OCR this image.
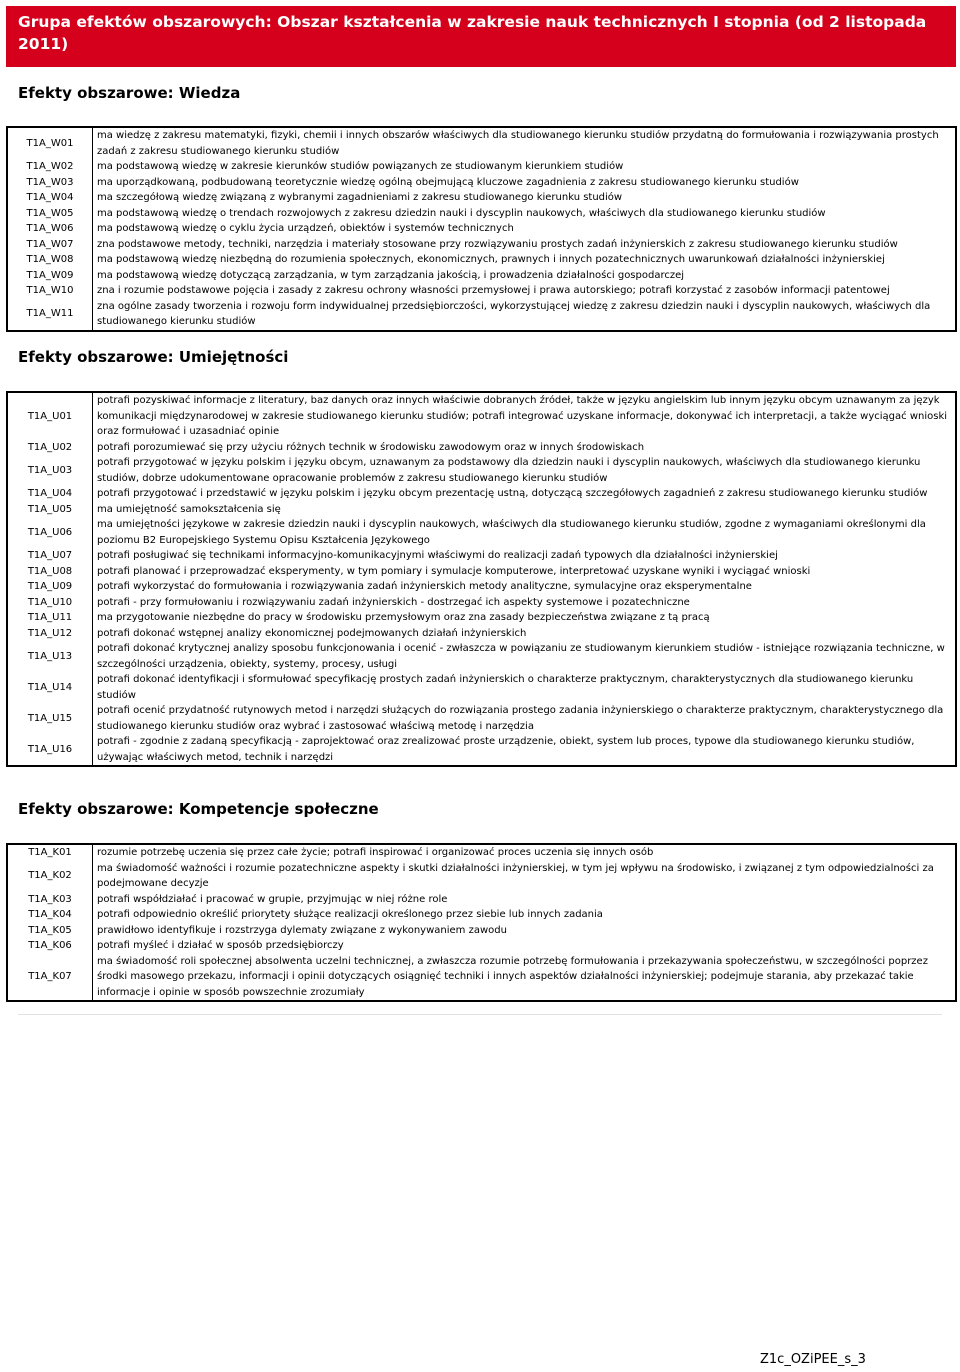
Grupa efektów obszarowych: Obszar kształcenia w zakresie nauk technicznych I stopnia (od 2 listopada 2011)
Efekty obszarowe: Wiedza
T1A_W01	ma wiedzę z zakresu matematyki, fizyki, chemii i innych obszarów właściwych dla studiowanego kierunku studiów przydatną do formułowania i rozwiązywania prostych zadań z zakresu studiowanego kierunku studiów
T1A_W02	ma podstawową wiedzę w zakresie kierunków studiów powiązanych ze studiowanym kierunkiem studiów
T1A_W03	ma uporządkowaną, podbudowaną teoretycznie wiedzę ogólną obejmującą kluczowe zagadnienia z zakresu studiowanego kierunku studiów
T1A_W04	ma szczegółową wiedzę związaną z wybranymi zagadnieniami z zakresu studiowanego kierunku studiów
T1A_W05	ma podstawową wiedzę o trendach rozwojowych z zakresu dziedzin nauki i dyscyplin naukowych, właściwych dla studiowanego kierunku studiów
T1A_W06	ma podstawową wiedzę o cyklu życia urządzeń, obiektów i systemów technicznych
T1A_W07	zna podstawowe metody, techniki, narzędzia i materiały stosowane przy rozwiązywaniu prostych zadań inżynierskich z zakresu studiowanego kierunku studiów
T1A_W08	ma podstawową wiedzę niezbędną do rozumienia społecznych, ekonomicznych, prawnych i innych pozatechnicznych uwarunkowań działalności inżynierskiej
T1A_W09	ma podstawową wiedzę dotyczącą zarządzania, w tym zarządzania jakością, i prowadzenia działalności gospodarczej
T1A_W10	zna i rozumie podstawowe pojęcia i zasady z zakresu ochrony własności przemysłowej i prawa autorskiego; potrafi korzystać z zasobów informacji patentowej
T1A_W11	zna ogólne zasady tworzenia i rozwoju form indywidualnej przedsiębiorczości, wykorzystującej wiedzę z zakresu dziedzin nauki i dyscyplin naukowych, właściwych dla studiowanego kierunku studiów
Efekty obszarowe: Umiejętności
T1A_U01	potrafi pozyskiwać informacje z literatury, baz danych oraz innych właściwie dobranych źródeł, także w języku angielskim lub innym języku obcym uznawanym za język komunikacji międzynarodowej w zakresie studiowanego kierunku studiów; potrafi integrować uzyskane informacje, dokonywać ich interpretacji, a także wyciągać wnioski oraz formułować i uzasadniać opinie
T1A_U02	potrafi porozumiewać się przy użyciu różnych technik w środowisku zawodowym oraz w innych środowiskach
T1A_U03	potrafi przygotować w języku polskim i języku obcym, uznawanym za podstawowy dla dziedzin nauki i dyscyplin naukowych, właściwych dla studiowanego kierunku studiów, dobrze udokumentowane opracowanie problemów z zakresu studiowanego kierunku studiów
T1A_U04	potrafi przygotować i przedstawić w języku polskim i języku obcym prezentację ustną, dotyczącą szczegółowych zagadnień z zakresu studiowanego kierunku studiów
T1A_U05	ma umiejętność samokształcenia się
T1A_U06	ma umiejętności językowe w zakresie dziedzin nauki i dyscyplin naukowych, właściwych dla studiowanego kierunku studiów, zgodne z wymaganiami określonymi dla poziomu B2 Europejskiego Systemu Opisu Kształcenia Językowego
T1A_U07	potrafi posługiwać się technikami informacyjno-komunikacyjnymi właściwymi do realizacji zadań typowych dla działalności inżynierskiej
T1A_U08	potrafi planować i przeprowadzać eksperymenty, w tym pomiary i symulacje komputerowe, interpretować uzyskane wyniki i wyciągać wnioski
T1A_U09	potrafi wykorzystać do formułowania i rozwiązywania zadań inżynierskich metody analityczne, symulacyjne oraz eksperymentalne
T1A_U10	potrafi - przy formułowaniu i rozwiązywaniu zadań inżynierskich - dostrzegać ich aspekty systemowe i pozatechniczne
T1A_U11	ma przygotowanie niezbędne do pracy w środowisku przemysłowym oraz zna zasady bezpieczeństwa związane z tą pracą
T1A_U12	potrafi dokonać wstępnej analizy ekonomicznej podejmowanych działań inżynierskich
T1A_U13	potrafi dokonać krytycznej analizy sposobu funkcjonowania i ocenić - zwłaszcza w powiązaniu ze studiowanym kierunkiem studiów - istniejące rozwiązania techniczne, w szczególności urządzenia, obiekty, systemy, procesy, usługi
T1A_U14	potrafi dokonać identyfikacji i sformułować specyfikację prostych zadań inżynierskich o charakterze praktycznym, charakterystycznych dla studiowanego kierunku studiów
T1A_U15	potrafi ocenić przydatność rutynowych metod i narzędzi służących do rozwiązania prostego zadania inżynierskiego o charakterze praktycznym, charakterystycznego dla studiowanego kierunku studiów oraz wybrać i zastosować właściwą metodę i narzędzia
T1A_U16	potrafi - zgodnie z zadaną specyfikacją - zaprojektować oraz zrealizować proste urządzenie, obiekt, system lub proces, typowe dla studiowanego kierunku studiów, używając właściwych metod, technik i narzędzi
Efekty obszarowe: Kompetencje społeczne
T1A_K01	rozumie potrzebę uczenia się przez całe życie; potrafi inspirować i organizować proces uczenia się innych osób
T1A_K02	ma świadomość ważności i rozumie pozatechniczne aspekty i skutki działalności inżynierskiej, w tym jej wpływu na środowisko, i związanej z tym odpowiedzialności za podejmowane decyzje
T1A_K03	potrafi współdziałać i pracować w grupie, przyjmując w niej różne role
T1A_K04	potrafi odpowiednio określić priorytety służące realizacji określonego przez siebie lub innych zadania
T1A_K05	prawidłowo identyfikuje i rozstrzyga dylematy związane z wykonywaniem zawodu
T1A_K06	potrafi myśleć i działać w sposób przedsiębiorczy
T1A_K07	ma świadomość roli społecznej absolwenta uczelni technicznej, a zwłaszcza rozumie potrzebę formułowania i przekazywania społeczeństwu, w szczególności poprzez środki masowego przekazu, informacji i opinii dotyczących osiągnięć techniki i innych aspektów działalności inżynierskiej; podejmuje starania, aby przekazać takie informacje i opinie w sposób powszechnie zrozumiały
Z1c_OZiPEE_s_3
